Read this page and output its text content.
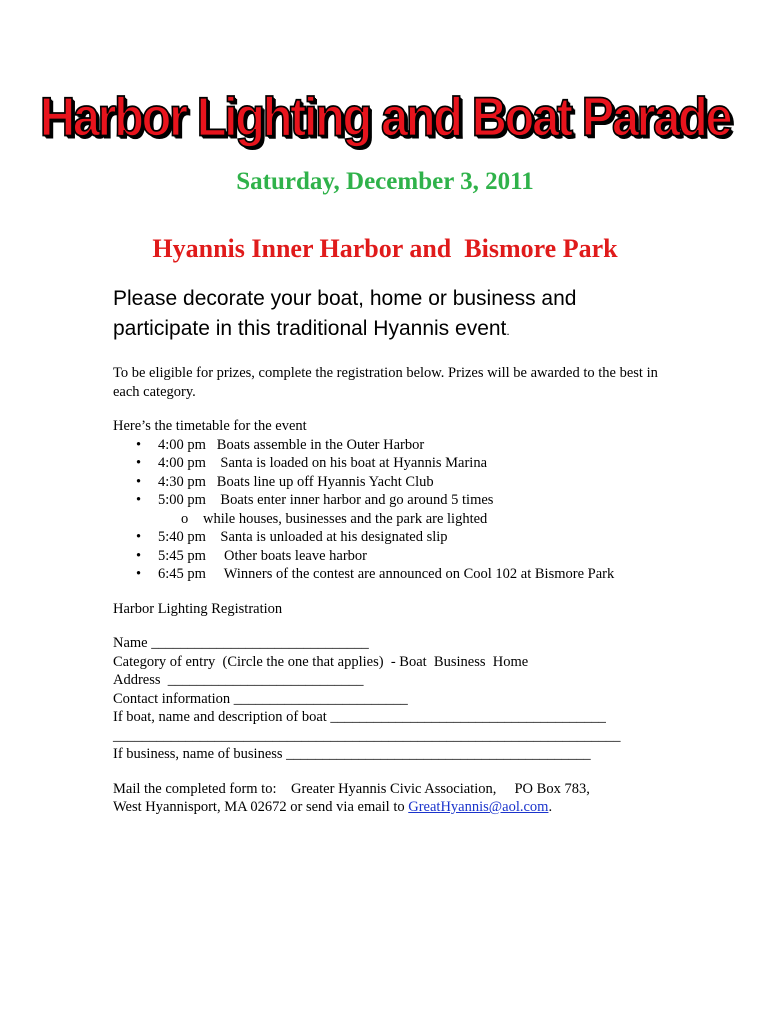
Harbor Lighting and Boat Parade
Saturday, December 3, 2011
Hyannis Inner Harbor and  Bismore Park

Please decorate your boat, home or business and participate in this traditional Hyannis event.

To be eligible for prizes, complete the registration below. Prizes will be awarded to the best in each category.

Here’s the timetable for the event

• 4:00 pm   Boats assemble in the Outer Harbor
• 4:00 pm    Santa is loaded on his boat at Hyannis Marina
• 4:30 pm   Boats line up off Hyannis Yacht Club
• 5:00 pm    Boats enter inner harbor and go around 5 times
o while houses, businesses and the park are lighted
• 5:40 pm    Santa is unloaded at his designated slip
• 5:45 pm     Other boats leave harbor
• 6:45 pm     Winners of the contest are announced on Cool 102 at Bismore Park

Harbor Lighting Registration

Name ______________________________
Category of entry  (Circle the one that applies)  - Boat  Business  Home
Address  ___________________________
Contact information ________________________
If boat, name and description of boat ______________________________________
______________________________________________________________________
If business, name of business __________________________________________
Mail the completed form to:    Greater Hyannis Civic Association,     PO Box 783,
West Hyannisport, MA 02672 or send via email to GreatHyannis@aol.com.
